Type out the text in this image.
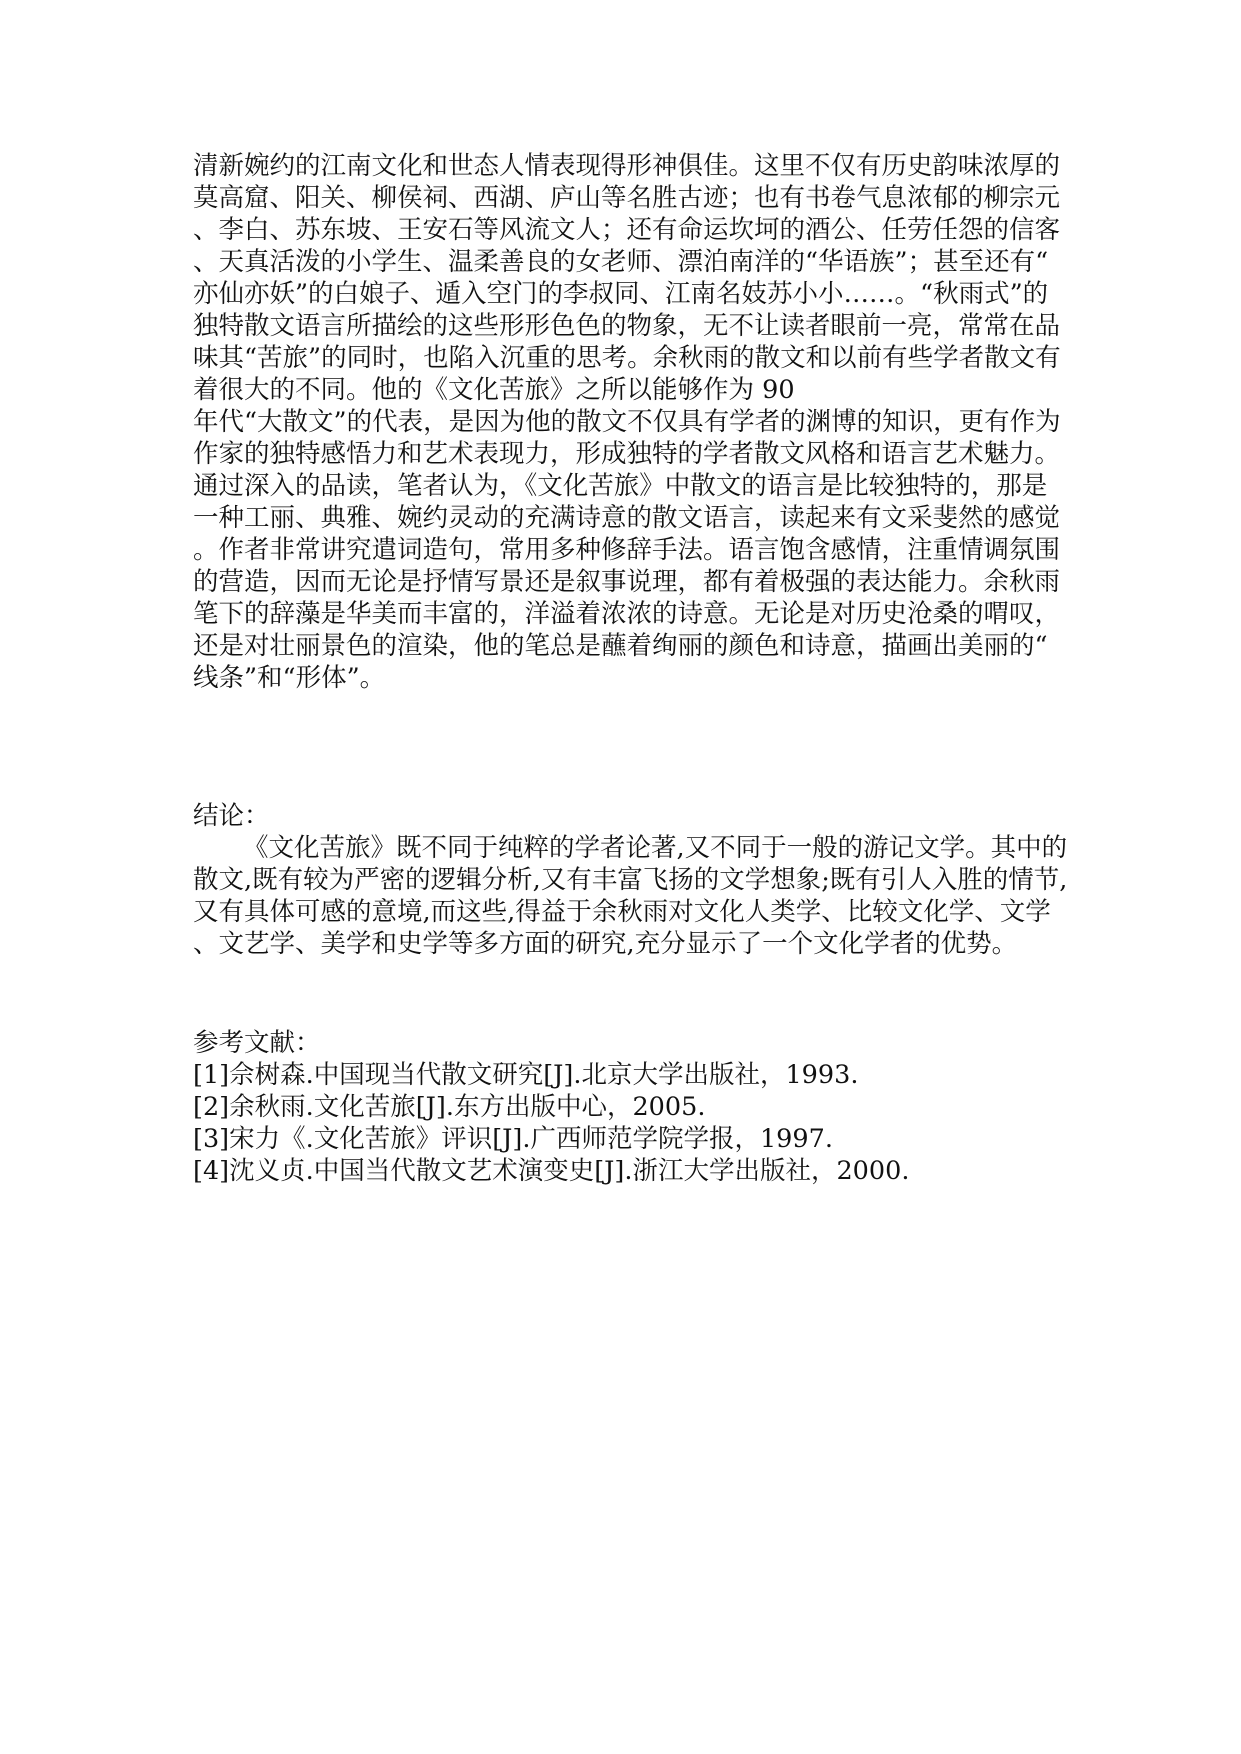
清新婉约的江南文化和世态人情表现得形神俱佳。这里不仅有历史韵味浓厚的
莫高窟、阳关、柳侯祠、西湖、庐山等名胜古迹；也有书卷气息浓郁的柳宗元
、李白、苏东坡、王安石等风流文人；还有命运坎坷的酒公、任劳任怨的信客
、天真活泼的小学生、温柔善良的女老师、漂泊南洋的“华语族”；甚至还有“
亦仙亦妖”的白娘子、遁入空门的李叔同、江南名妓苏小小……。“秋雨式”的
独特散文语言所描绘的这些形形色色的物象，无不让读者眼前一亮，常常在品
味其“苦旅”的同时，也陷入沉重的思考。余秋雨的散文和以前有些学者散文有
着很大的不同。他的《文化苦旅》之所以能够作为 90
年代“大散文”的代表，是因为他的散文不仅具有学者的渊博的知识，更有作为
作家的独特感悟力和艺术表现力，形成独特的学者散文风格和语言艺术魅力。
通过深入的品读，笔者认为，《文化苦旅》中散文的语言是比较独特的，那是
一种工丽、典雅、婉约灵动的充满诗意的散文语言，读起来有文采斐然的感觉
。作者非常讲究遣词造句，常用多种修辞手法。语言饱含感情，注重情调氛围
的营造，因而无论是抒情写景还是叙事说理，都有着极强的表达能力。余秋雨
笔下的辞藻是华美而丰富的，洋溢着浓浓的诗意。无论是对历史沧桑的喟叹，
还是对壮丽景色的渲染，他的笔总是蘸着绚丽的颜色和诗意，描画出美丽的“
线条”和“形体”。
结论：
《文化苦旅》既不同于纯粹的学者论著,又不同于一般的游记文学。其中的
散文,既有较为严密的逻辑分析,又有丰富飞扬的文学想象;既有引人入胜的情节,
又有具体可感的意境,而这些,得益于余秋雨对文化人类学、比较文化学、文学
、文艺学、美学和史学等多方面的研究,充分显示了一个文化学者的优势。
参考文献：
[1]佘树森.中国现当代散文研究[J].北京大学出版社，1993.
[2]余秋雨.文化苦旅[J].东方出版中心，2005.
[3]宋力《.文化苦旅》评识[J].广西师范学院学报，1997.
[4]沈义贞.中国当代散文艺术演变史[J].浙江大学出版社，2000.
